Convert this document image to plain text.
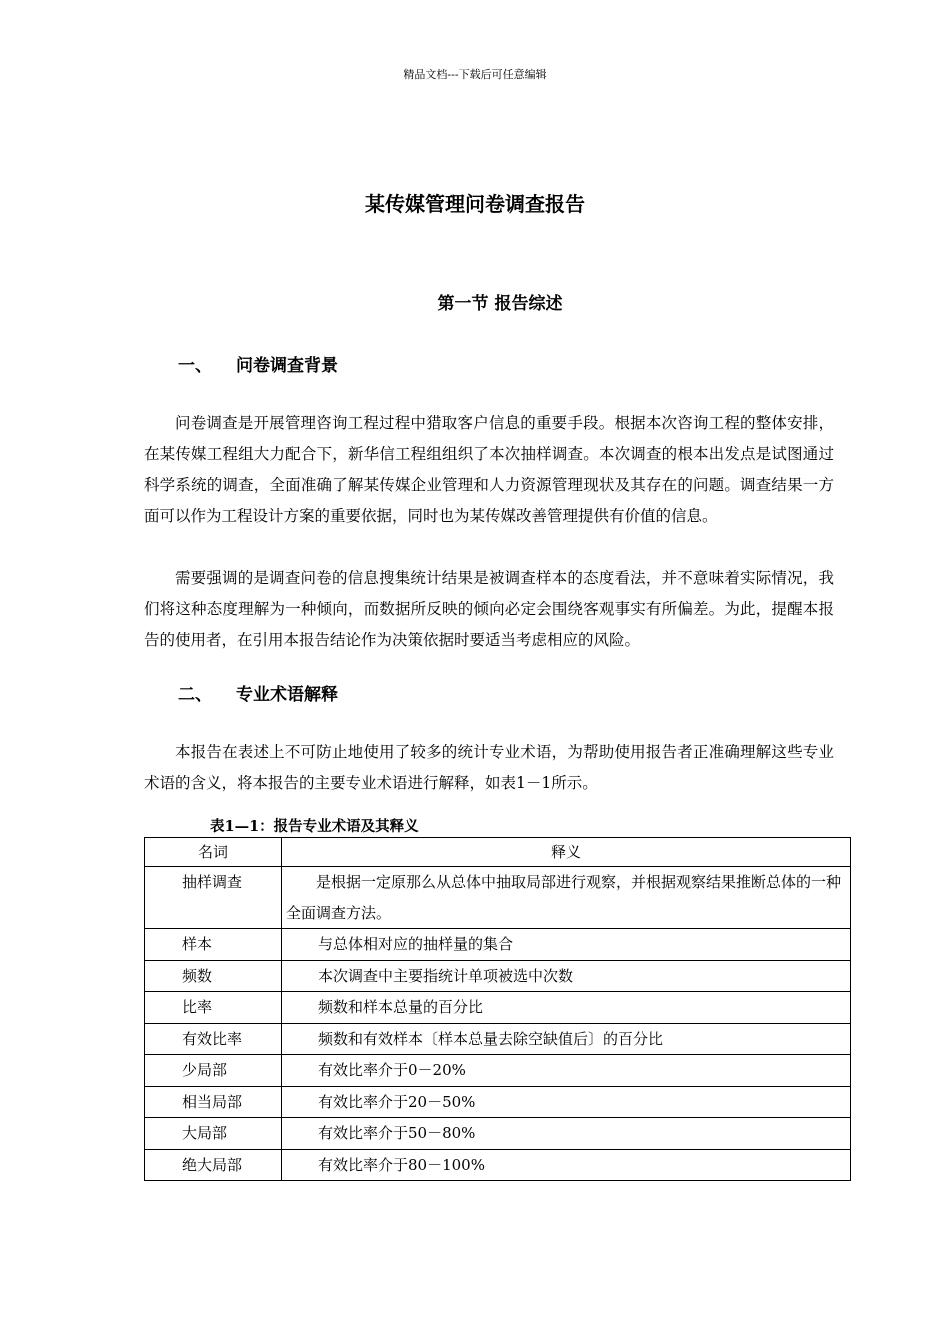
精品文档---下载后可任意编辑
某传媒管理问卷调查报告
第一节 报告综述
一、 问卷调查背景

问卷调查是开展管理咨询工程过程中猎取客户信息的重要手段。根据本次咨询工程的整体安排，在某传媒工程组大力配合下，新华信工程组组织了本次抽样调查。本次调查的根本出发点是试图通过科学系统的调查，全面准确了解某传媒企业管理和人力资源管理现状及其存在的问题。调查结果一方面可以作为工程设计方案的重要依据，同时也为某传媒改善管理提供有价值的信息。

需要强调的是调查问卷的信息搜集统计结果是被调查样本的态度看法，并不意味着实际情况，我们将这种态度理解为一种倾向，而数据所反映的倾向必定会围绕客观事实有所偏差。为此，提醒本报告的使用者，在引用本报告结论作为决策依据时要适当考虑相应的风险。

二、 专业术语解释

本报告在表述上不可防止地使用了较多的统计专业术语，为帮助使用报告者正准确理解这些专业术语的含义，将本报告的主要专业术语进行解释，如表1－1所示。

表1—1：报告专业术语及其释义
名词	释义
抽样调查	是根据一定原那么从总体中抽取局部进行观察，并根据观察结果推断总体的一种全面调查方法。
样本	与总体相对应的抽样量的集合
频数	本次调查中主要指统计单项被选中次数
比率	频数和样本总量的百分比
有效比率	频数和有效样本〔样本总量去除空缺值后〕的百分比
少局部	有效比率介于0－20%
相当局部	有效比率介于20－50%
大局部	有效比率介于50－80%
绝大局部	有效比率介于80－100%
